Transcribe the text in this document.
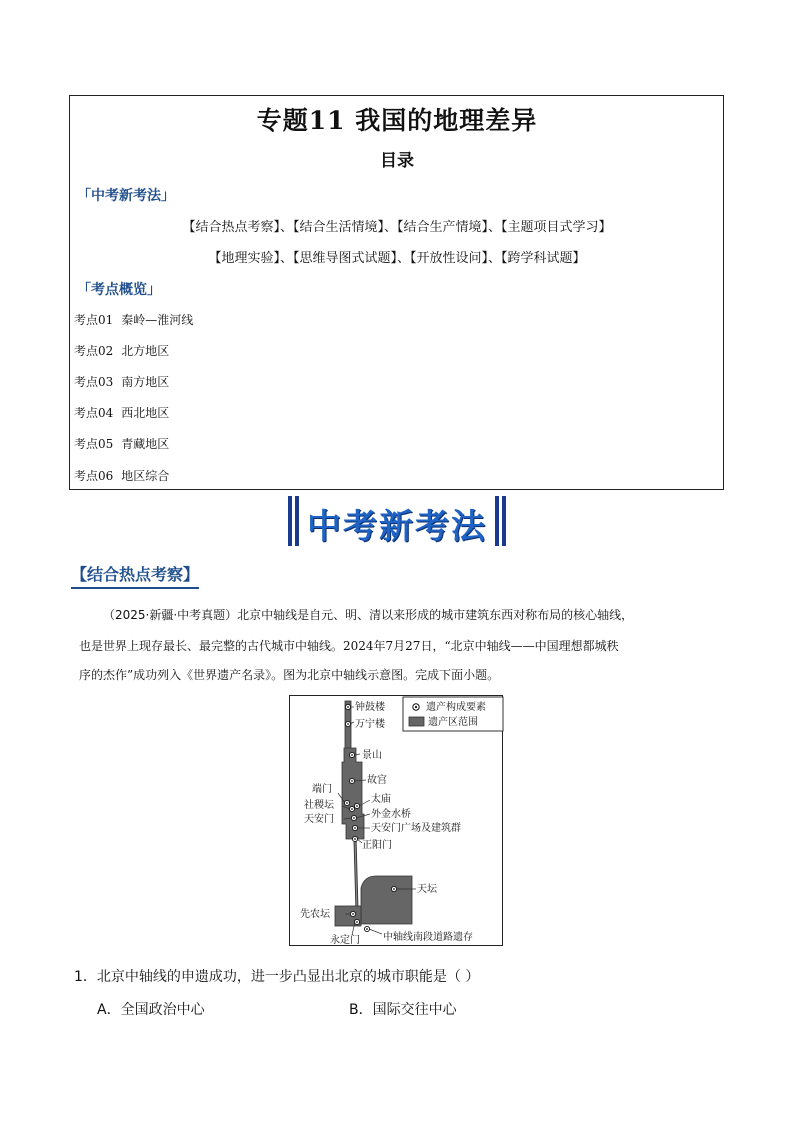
专题11 我国的地理差异
目录
「中考新考法」
【结合热点考察】、【结合生活情境】、【结合生产情境】、【主题项目式学习】
【地理实验】、【思维导图式试题】、【开放性设问】、【跨学科试题】
「考点概览」
考点01 秦岭—淮河线
考点02 北方地区
考点03 南方地区
考点04 西北地区
考点05 青藏地区
考点06 地区综合
中考新考法
【结合热点考察】
（2025·新疆·中考真题）北京中轴线是自元、明、清以来形成的城市建筑东西对称布局的核心轴线，
也是世界上现存最长、最完整的古代城市中轴线。2024年7月27日，“北京中轴线——中国理想都城秩
序的杰作”成功列入《世界遗产名录》。图为北京中轴线示意图。完成下面小题。
遗产构成要素
遗产区范围
钟鼓楼
万宁楼
景山
故宫
端门
太庙
社稷坛
外金水桥
天安门
天安门广场及建筑群
正阳门
天坛
先农坛
永定门 中轴线南段道路遗存
1．北京中轴线的申遗成功，进一步凸显出北京的城市职能是（ ）
A．全国政治中心	B．国际交往中心
